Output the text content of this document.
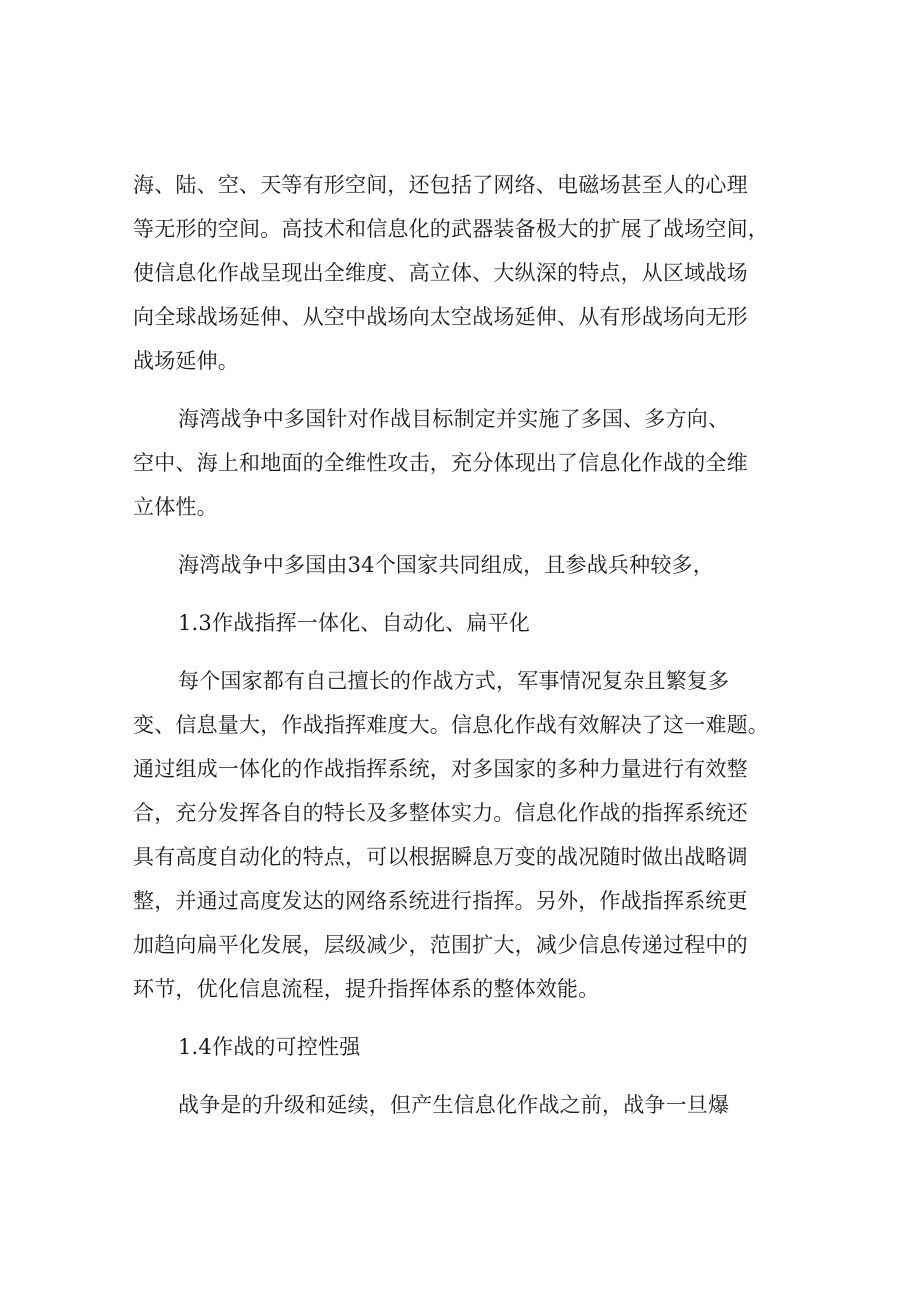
海、陆、空、天等有形空间，还包括了网络、电磁场甚至人的心理
等无形的空间。高技术和信息化的武器装备极大的扩展了战场空间，
使信息化作战呈现出全维度、高立体、大纵深的特点，从区域战场
向全球战场延伸、从空中战场向太空战场延伸、从有形战场向无形
战场延伸。
海湾战争中多国针对作战目标制定并实施了多国、多方向、
空中、海上和地面的全维性攻击，充分体现出了信息化作战的全维
立体性。
海湾战争中多国由34个国家共同组成，且参战兵种较多，
1.3作战指挥一体化、自动化、扁平化
每个国家都有自己擅长的作战方式，军事情况复杂且繁复多
变、信息量大，作战指挥难度大。信息化作战有效解决了这一难题。
通过组成一体化的作战指挥系统，对多国家的多种力量进行有效整
合，充分发挥各自的特长及多整体实力。信息化作战的指挥系统还
具有高度自动化的特点，可以根据瞬息万变的战况随时做出战略调
整，并通过高度发达的网络系统进行指挥。另外，作战指挥系统更
加趋向扁平化发展，层级减少，范围扩大，减少信息传递过程中的
环节，优化信息流程，提升指挥体系的整体效能。
1.4作战的可控性强
战争是的升级和延续，但产生信息化作战之前，战争一旦爆
